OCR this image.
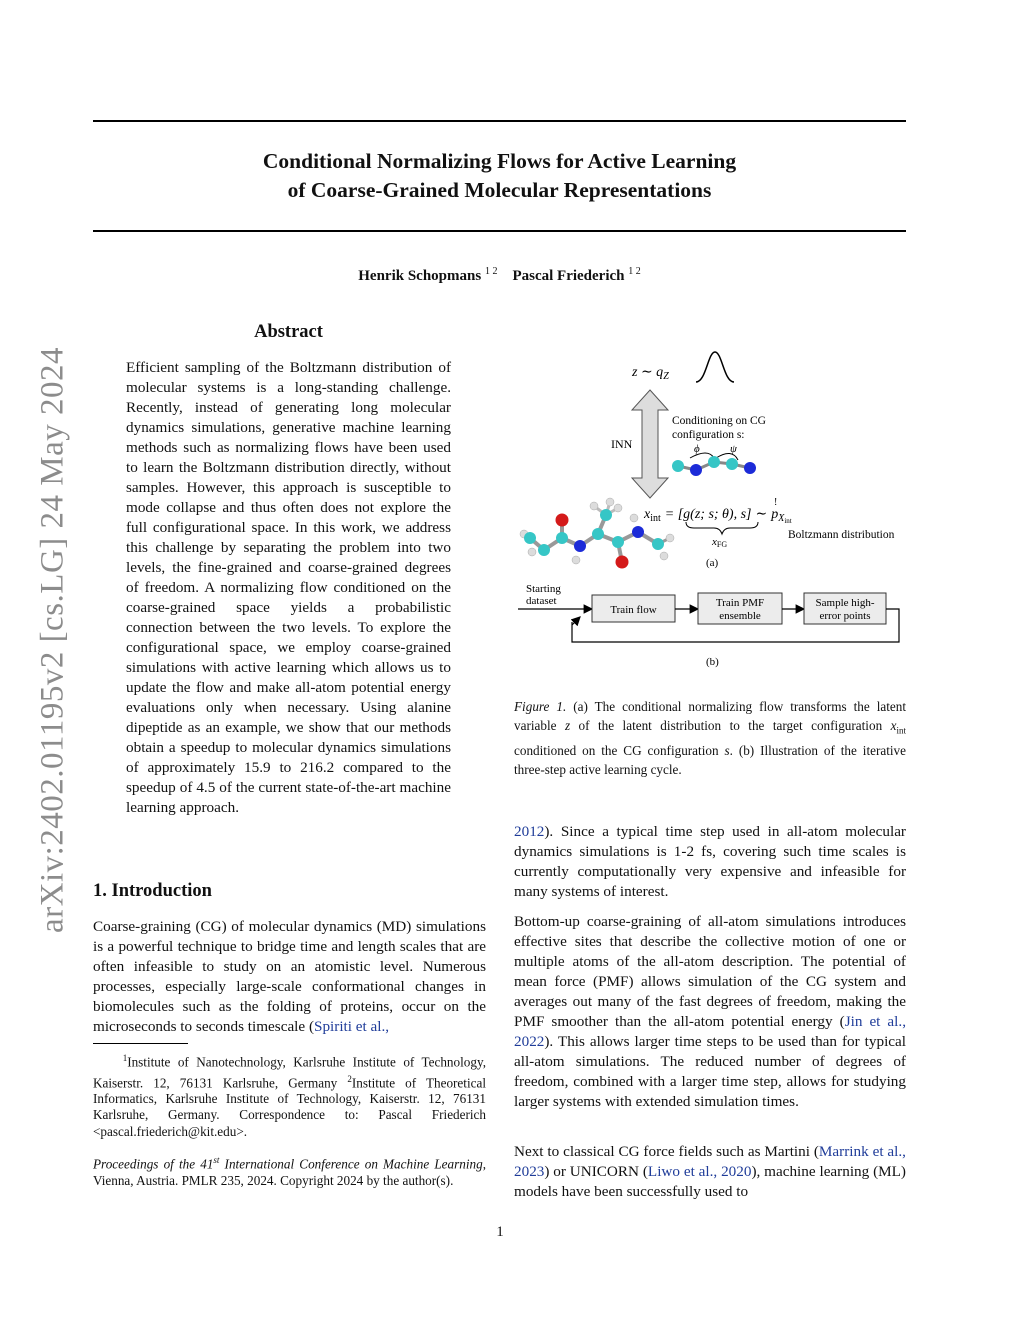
arXiv:2402.01195v2 [cs.LG] 24 May 2024
Conditional Normalizing Flows for Active Learning
of Coarse-Grained Molecular Representations
Henrik Schopmans $^{1 2}$ Pascal Friederich $^{1 2}$
Abstract

Efficient sampling of the Boltzmann distribution of molecular systems is a long-standing challenge. Recently, instead of generating long molecular dynamics simulations, generative machine learning methods such as normalizing flows have been used to learn the Boltzmann distribution directly, without samples. However, this approach is susceptible to mode collapse and thus often does not explore the full configurational space. In this work, we address this challenge by separating the problem into two levels, the fine-grained and coarse-grained degrees of freedom. A normalizing flow conditioned on the coarse-grained space yields a probabilistic connection between the two levels. To explore the configurational space, we employ coarse-grained simulations with active learning which allows us to update the flow and make all-atom potential energy evaluations only when necessary. Using alanine dipeptide as an example, we show that our methods obtain a speedup to molecular dynamics simulations of approximately 15.9 to 216.2 compared to the speedup of 4.5 of the current state-of-the-art machine learning approach.

1. Introduction

Coarse-graining (CG) of molecular dynamics (MD) simulations is a powerful technique to bridge time and length scales that are often infeasible to study on an atomistic level. Numerous processes, especially large-scale conformational changes in biomolecules such as the folding of proteins, occur on the microseconds to seconds timescale (Spiriti et al.,

$^1$Institute of Nanotechnology, Karlsruhe Institute of Technology, Kaiserstr. 12, 76131 Karlsruhe, Germany $^2$Institute of Theoretical Informatics, Karlsruhe Institute of Technology, Kaiserstr. 12, 76131 Karlsruhe, Germany. Correspondence to: Pascal Friederich <pascal.friederich@kit.edu>.
Proceedings of the 41st International Conference on Machine Learning, Vienna, Austria. PMLR 235, 2024. Copyright 2024 by the author(s).

2012). Since a typical time step used in all-atom molecular dynamics simulations is 1-2 fs, covering such time scales is currently computationally very expensive and infeasible for many systems of interest.

Bottom-up coarse-graining of all-atom simulations introduces effective sites that describe the collective motion of one or multiple atoms of the all-atom description. The potential of mean force (PMF) allows simulation of the CG system and averages out many of the fast degrees of freedom, making the PMF smoother than the all-atom potential energy (Jin et al., 2022). This allows larger time steps to be used than for typical all-atom simulations. The reduced number of degrees of freedom, combined with a larger time step, allows for studying larger systems with extended simulation times.

Next to classical CG force fields such as Martini (Marrink et al., 2023) or UNICORN (Liwo et al., 2020), machine learning (ML) models have been successfully used to

z ∼ $q_Z$
INN
Conditioning on CG
configuration s:
ϕ	ψ
$x_{int} = [g(z$; s; θ), s] ∼ $p_Xint$
!
xFG
Boltzmann distribution
(a)
Starting
dataset
Train flow
Train PMF
ensemble
Sample high-
error points
(b)
Figure 1. (a) The conditional normalizing flow transforms the latent variable z of the latent distribution to the target configuration $x_{int}$ conditioned on the CG configuration s. (b) Illustration of the iterative three-step active learning cycle.
1
